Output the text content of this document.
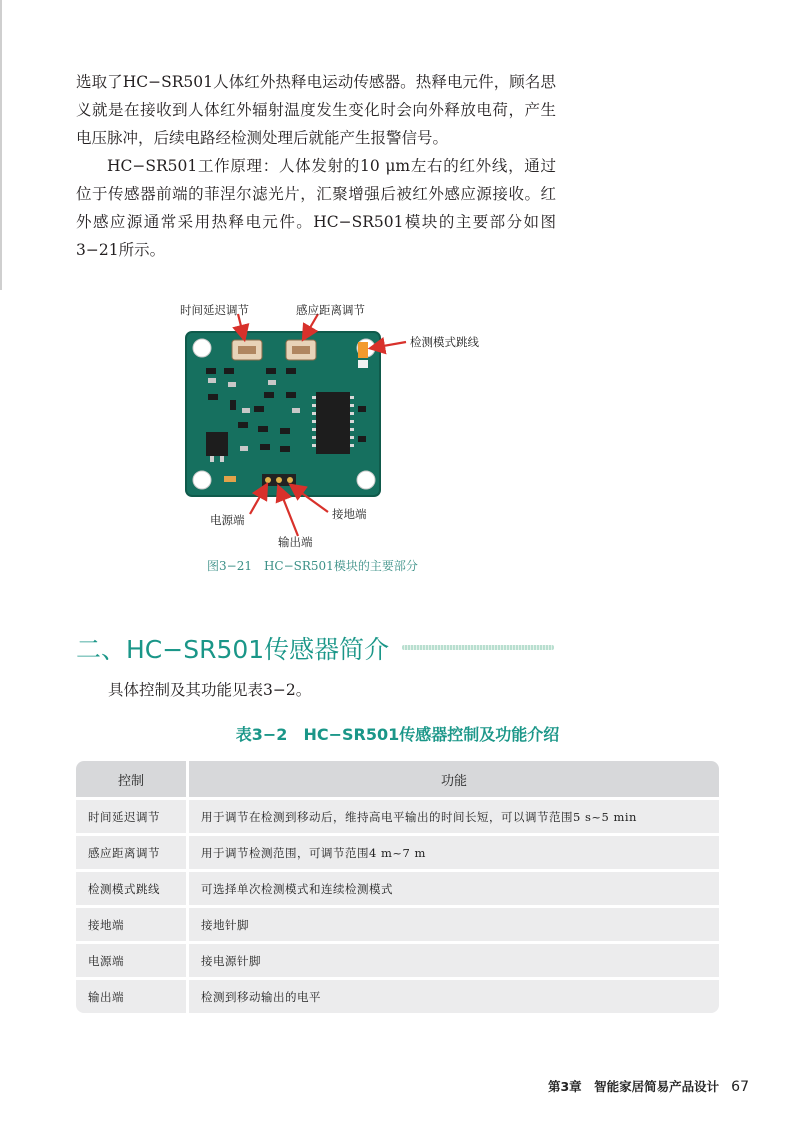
选取了HC−SR501人体红外热释电运动传感器。热释电元件，顾名思义就是在接收到人体红外辐射温度发生变化时会向外释放电荷，产生电压脉冲，后续电路经检测处理后就能产生报警信号。

HC−SR501工作原理：人体发射的10 μm左右的红外线，通过位于传感器前端的菲涅尔滤光片，汇聚增强后被红外感应源接收。红外感应源通常采用热释电元件。HC−SR501模块的主要部分如图3−21所示。

时间延迟调节	感应距离调节
检测模式跳线
电源端	接地端
输出端
图3−21　HC−SR501模块的主要部分
二、HC−SR501传感器简介

具体控制及其功能见表3−2。

表3−2　HC−SR501传感器控制及功能介绍
控制	功能
时间延迟调节	用于调节在检测到移动后，维持高电平输出的时间长短，可以调节范围5 s~5 min
感应距离调节	用于调节检测范围，可调节范围4 m~7 m
检测模式跳线	可选择单次检测模式和连续检测模式
接地端	接地针脚
电源端	接电源针脚
输出端	检测到移动输出的电平
第3章　智能家居简易产品设计 67
